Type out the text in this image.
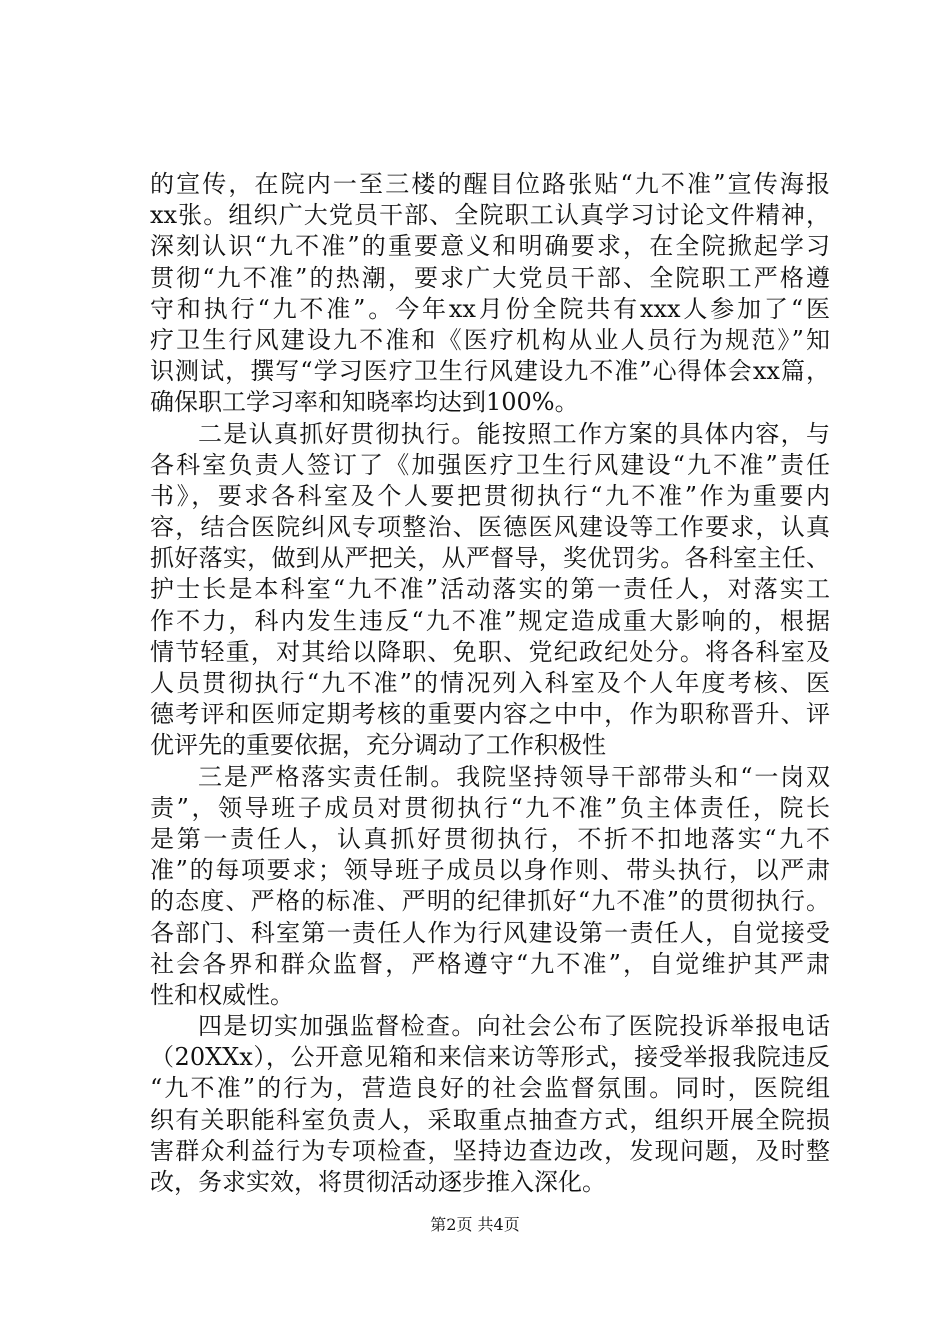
的宣传，在院内一至三楼的醒目位路张贴“九不准”宣传海报
xx张。组织广大党员干部、全院职工认真学习讨论文件精神，
深刻认识“九不准”的重要意义和明确要求，在全院掀起学习
贯彻“九不准”的热潮，要求广大党员干部、全院职工严格遵
守和执行“九不准”。今年xx月份全院共有xxx人参加了“医
疗卫生行风建设九不准和《医疗机构从业人员行为规范》”知
识测试，撰写“学习医疗卫生行风建设九不准”心得体会xx篇，
确保职工学习率和知晓率均达到100%。
二是认真抓好贯彻执行。能按照工作方案的具体内容，与
各科室负责人签订了《加强医疗卫生行风建设“九不准”责任
书》，要求各科室及个人要把贯彻执行“九不准”作为重要内
容，结合医院纠风专项整治、医德医风建设等工作要求，认真
抓好落实，做到从严把关，从严督导，奖优罚劣。各科室主任、
护士长是本科室“九不准”活动落实的第一责任人，对落实工
作不力，科内发生违反“九不准”规定造成重大影响的，根据
情节轻重，对其给以降职、免职、党纪政纪处分。将各科室及
人员贯彻执行“九不准”的情况列入科室及个人年度考核、医
德考评和医师定期考核的重要内容之中中，作为职称晋升、评
优评先的重要依据，充分调动了工作积极性
三是严格落实责任制。我院坚持领导干部带头和“一岗双
责”，领导班子成员对贯彻执行“九不准”负主体责任，院长
是第一责任人，认真抓好贯彻执行，不折不扣地落实“九不
准”的每项要求；领导班子成员以身作则、带头执行，以严肃
的态度、严格的标准、严明的纪律抓好“九不准”的贯彻执行。
各部门、科室第一责任人作为行风建设第一责任人，自觉接受
社会各界和群众监督，严格遵守“九不准”，自觉维护其严肃
性和权威性。
四是切实加强监督检查。向社会公布了医院投诉举报电话
（20XXx），公开意见箱和来信来访等形式，接受举报我院违反
“九不准”的行为，营造良好的社会监督氛围。同时，医院组
织有关职能科室负责人，采取重点抽查方式，组织开展全院损
害群众利益行为专项检查，坚持边查边改，发现问题，及时整
改，务求实效，将贯彻活动逐步推入深化。
第2页 共4页
